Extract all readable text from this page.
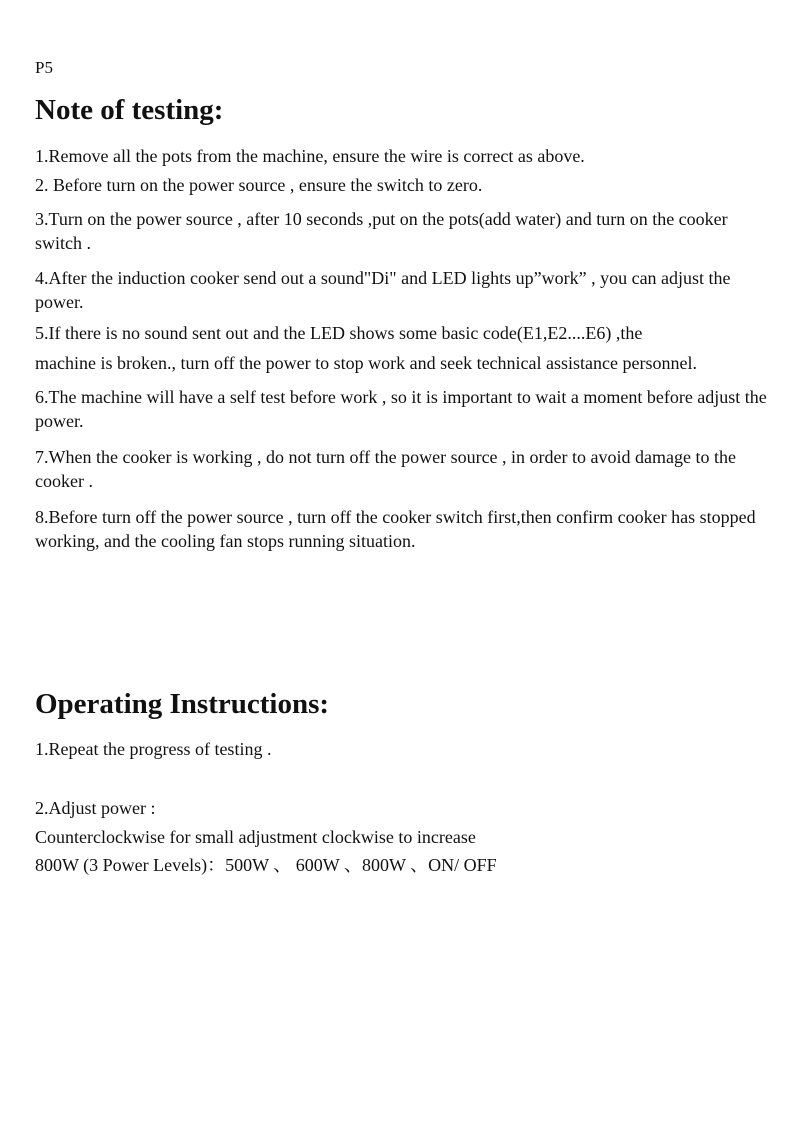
P5
Note of testing:

1.Remove all the pots from the machine, ensure the wire is correct as above.

2. Before turn on the power source , ensure the switch to zero.

3.Turn on the power source , after 10 seconds ,put on the pots(add water) and turn on the cooker switch .

4.After the induction cooker send out a sound"Di" and LED lights up”work” , you can adjust the power.

5.If there is no sound sent out and the LED shows some basic code(E1,E2....E6) ,the

machine is broken., turn off the power to stop work and seek technical assistance personnel.

6.The machine will have a self test before work , so it is important to wait a moment before adjust the power.

7.When the cooker is working , do not turn off the power source , in order to avoid damage to the cooker .

8.Before turn off the power source , turn off the cooker switch first,then confirm cooker has stopped working, and the cooling fan stops running situation.

Operating Instructions:

1.Repeat the progress of testing .

2.Adjust power :

Counterclockwise for small adjustment clockwise to increase

800W (3 Power Levels)：500W 、 600W 、800W 、ON/ OFF
